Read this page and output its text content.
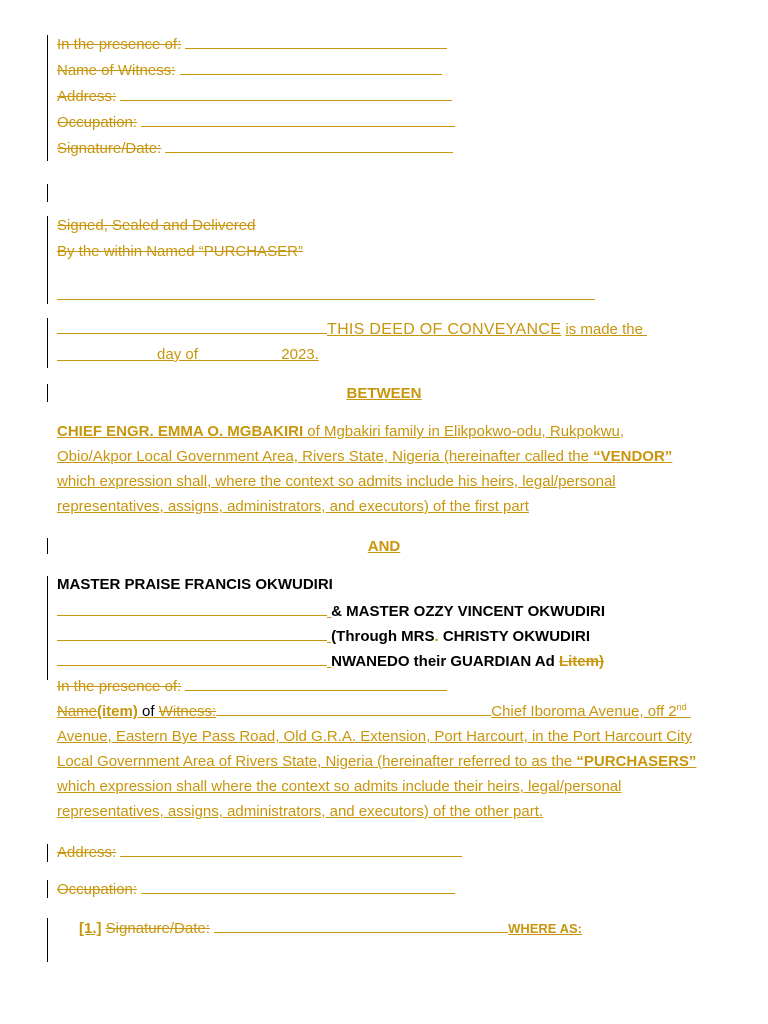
In the presence of:
Name of Witness:
Address:
Occupation:
Signature/Date:
Signed, Sealed and Delivered
By the within Named “PURCHASER”
THIS DEED OF CONVEYANCE is made the
day of	2023.
BETWEEN
CHIEF ENGR. EMMA O. MGBAKIRI of Mgbakiri family in Elikpokwo-odu, Rukpokwu,
Obio/Akpor Local Government Area, Rivers State, Nigeria (hereinafter called the “VENDOR”
which expression shall, where the context so admits include his heirs, legal/personal
representatives, assigns, administrators, and executors) of the first part
AND
MASTER PRAISE FRANCIS OKWUDIRI
& MASTER OZZY VINCENT OKWUDIRI
(Through MRS. CHRISTY OKWUDIRI
NWANEDO their GUARDIAN Ad Litem)
In the presence of:
Name(item) of Witness:	Chief Iboroma Avenue, off 2nd
Avenue, Eastern Bye Pass Road, Old G.R.A. Extension, Port Harcourt, in the Port Harcourt City
Local Government Area of Rivers State, Nigeria (hereinafter referred to as the “PURCHASERS”
which expression shall where the context so admits include their heirs, legal/personal
representatives, assigns, administrators, and executors) of the other part.
Address:
Occupation:
[1.] Signature/Date:	WHERE AS:
